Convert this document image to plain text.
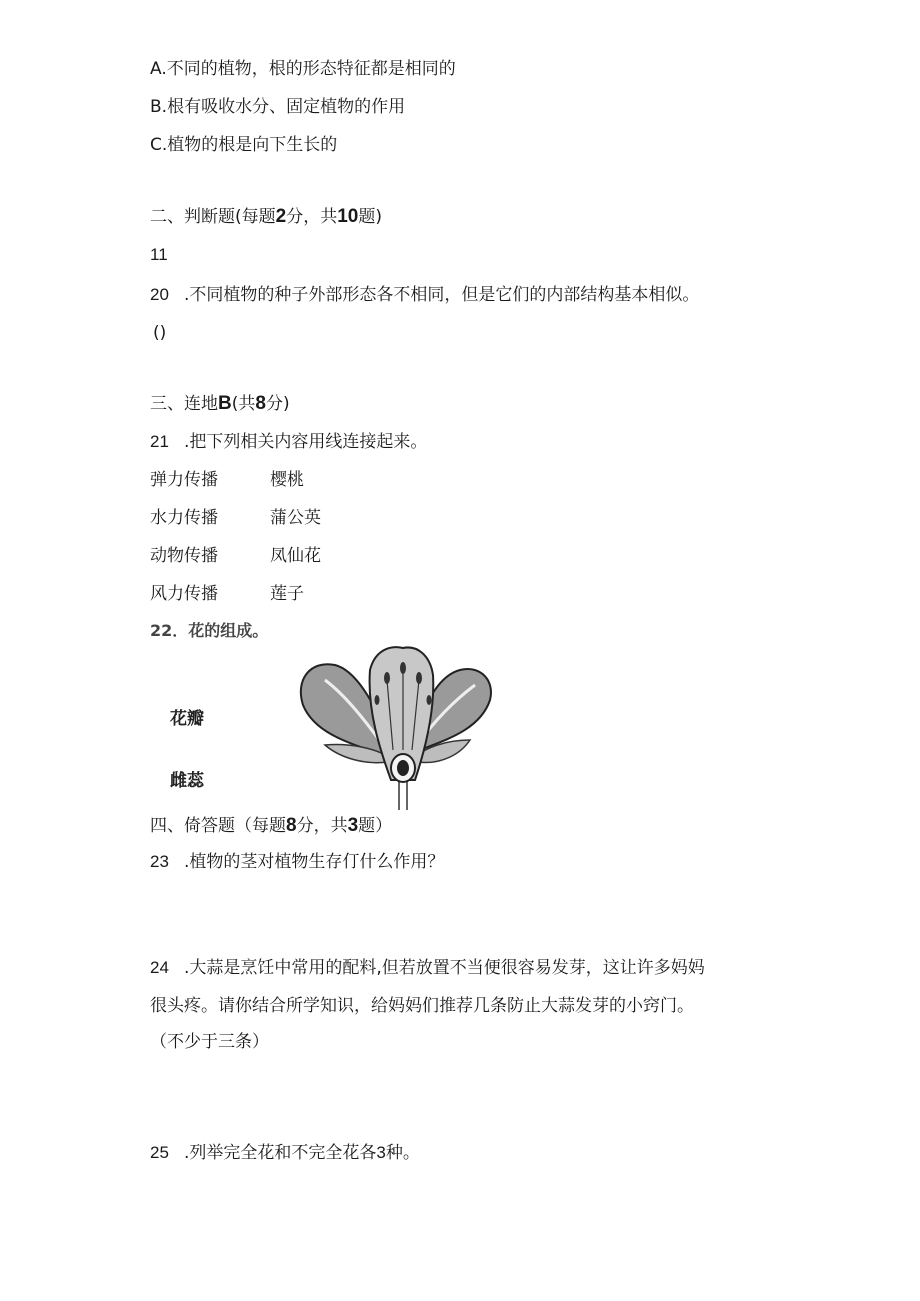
A.不同的植物，根的形态特征都是相同的
B.根有吸收水分、固定植物的作用
C.植物的根是向下生长的
二、判断题(每题2分，共10题)
11
20 .不同植物的种子外部形态各不相同，但是它们的内部结构基本相似。
()
三、连地B(共8分)
21 .把下列相关内容用线连接起来。
弹力传播	樱桃
水力传播	蒲公英
动物传播	凤仙花
风力传播	莲子
22．花的组成。
花瓣
雌蕊
四、倚答题（每题8分，共3题）
23 .植物的茎对植物生存仃什么作用？
24 .大蒜是烹饪中常用的配料,但若放置不当便很容易发芽，这让许多妈妈
很头疼。请你结合所学知识，给妈妈们推荐几条防止大蒜发芽的小窍门。
（不少于三条）
25 .列举完全花和不完全花各3种。
